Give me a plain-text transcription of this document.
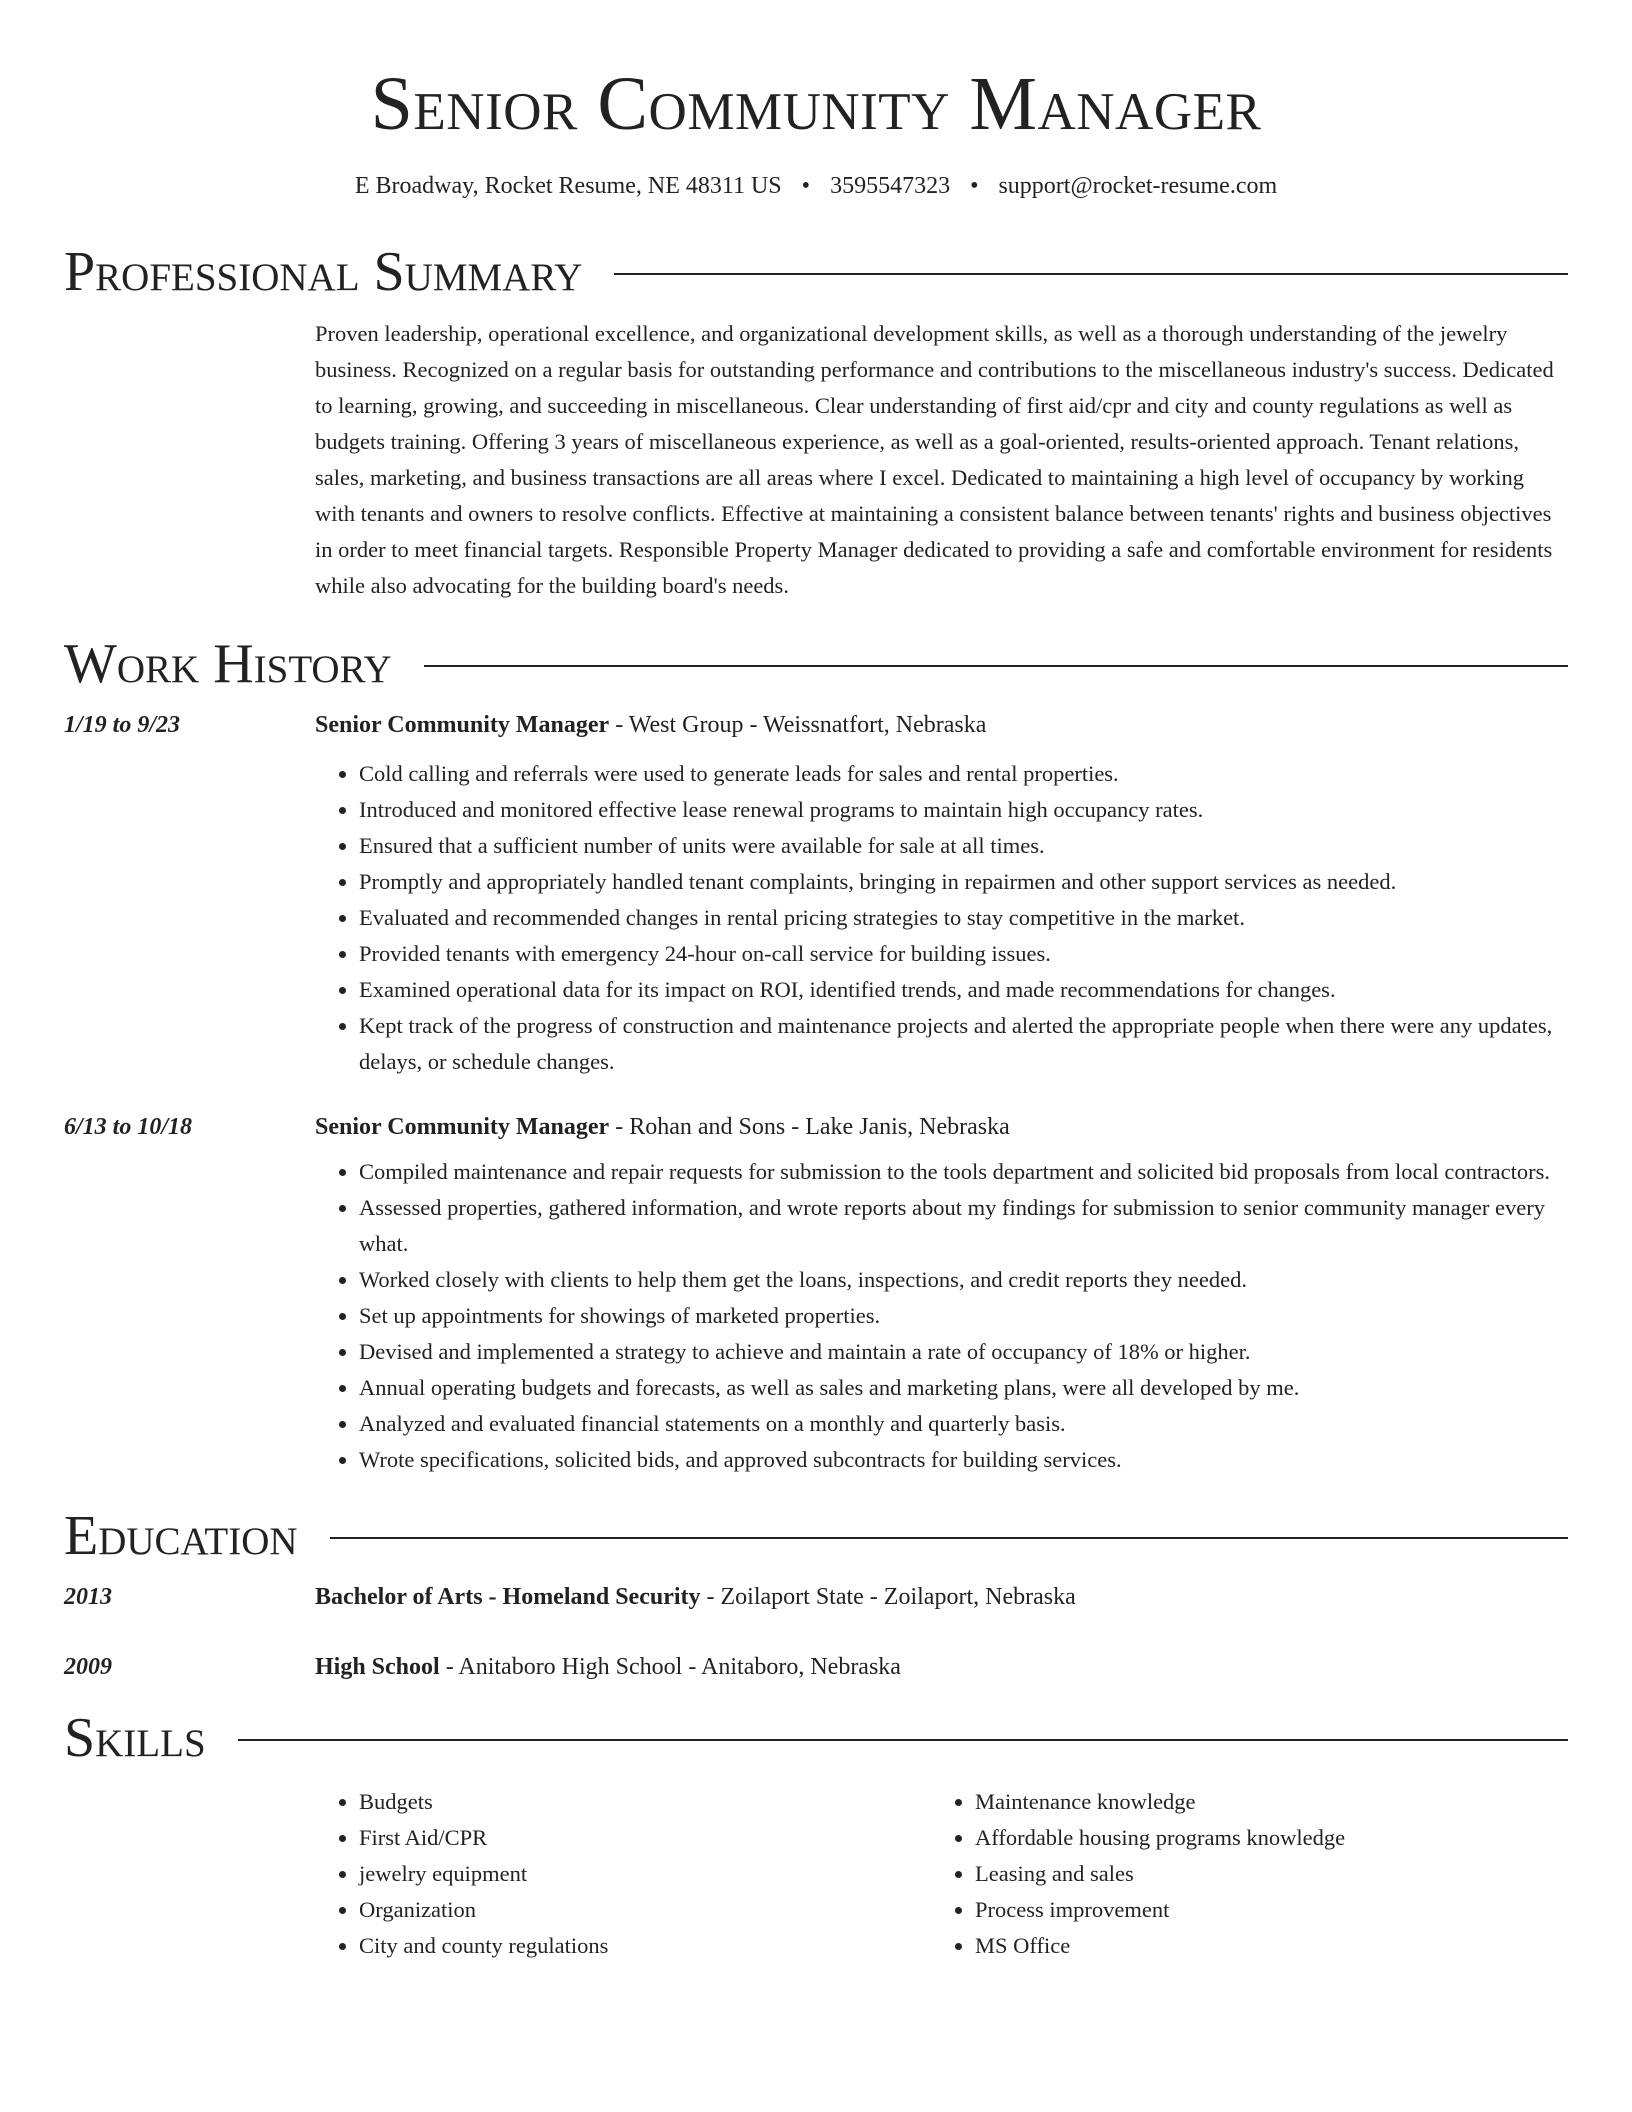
Senior Community Manager
E Broadway, Rocket Resume, NE 48311 US • 3595547323 • support@rocket-resume.com
Professional Summary
Proven leadership, operational excellence, and organizational development skills, as well as a thorough understanding of the jewelry business. Recognized on a regular basis for outstanding performance and contributions to the miscellaneous industry's success. Dedicated to learning, growing, and succeeding in miscellaneous. Clear understanding of first aid/cpr and city and county regulations as well as budgets training. Offering 3 years of miscellaneous experience, as well as a goal-oriented, results-oriented approach. Tenant relations, sales, marketing, and business transactions are all areas where I excel. Dedicated to maintaining a high level of occupancy by working with tenants and owners to resolve conflicts. Effective at maintaining a consistent balance between tenants' rights and business objectives in order to meet financial targets. Responsible Property Manager dedicated to providing a safe and comfortable environment for residents while also advocating for the building board's needs.
Work History
1/19 to 9/23	Senior Community Manager - West Group - Weissnatfort, Nebraska
• Cold calling and referrals were used to generate leads for sales and rental properties.
• Introduced and monitored effective lease renewal programs to maintain high occupancy rates.
• Ensured that a sufficient number of units were available for sale at all times.
• Promptly and appropriately handled tenant complaints, bringing in repairmen and other support services as needed.
• Evaluated and recommended changes in rental pricing strategies to stay competitive in the market.
• Provided tenants with emergency 24-hour on-call service for building issues.
• Examined operational data for its impact on ROI, identified trends, and made recommendations for changes.
• Kept track of the progress of construction and maintenance projects and alerted the appropriate people when there were any updates, delays, or schedule changes.
6/13 to 10/18	Senior Community Manager - Rohan and Sons - Lake Janis, Nebraska
• Compiled maintenance and repair requests for submission to the tools department and solicited bid proposals from local contractors.
• Assessed properties, gathered information, and wrote reports about my findings for submission to senior community manager every what.
• Worked closely with clients to help them get the loans, inspections, and credit reports they needed.
• Set up appointments for showings of marketed properties.
• Devised and implemented a strategy to achieve and maintain a rate of occupancy of 18% or higher.
• Annual operating budgets and forecasts, as well as sales and marketing plans, were all developed by me.
• Analyzed and evaluated financial statements on a monthly and quarterly basis.
• Wrote specifications, solicited bids, and approved subcontracts for building services.
Education
2013	Bachelor of Arts - Homeland Security - Zoilaport State - Zoilaport, Nebraska
2009	High School - Anitaboro High School - Anitaboro, Nebraska
Skills
• Budgets
• First Aid/CPR
• jewelry equipment
• Organization
• City and county regulations
• Maintenance knowledge
• Affordable housing programs knowledge
• Leasing and sales
• Process improvement
• MS Office
